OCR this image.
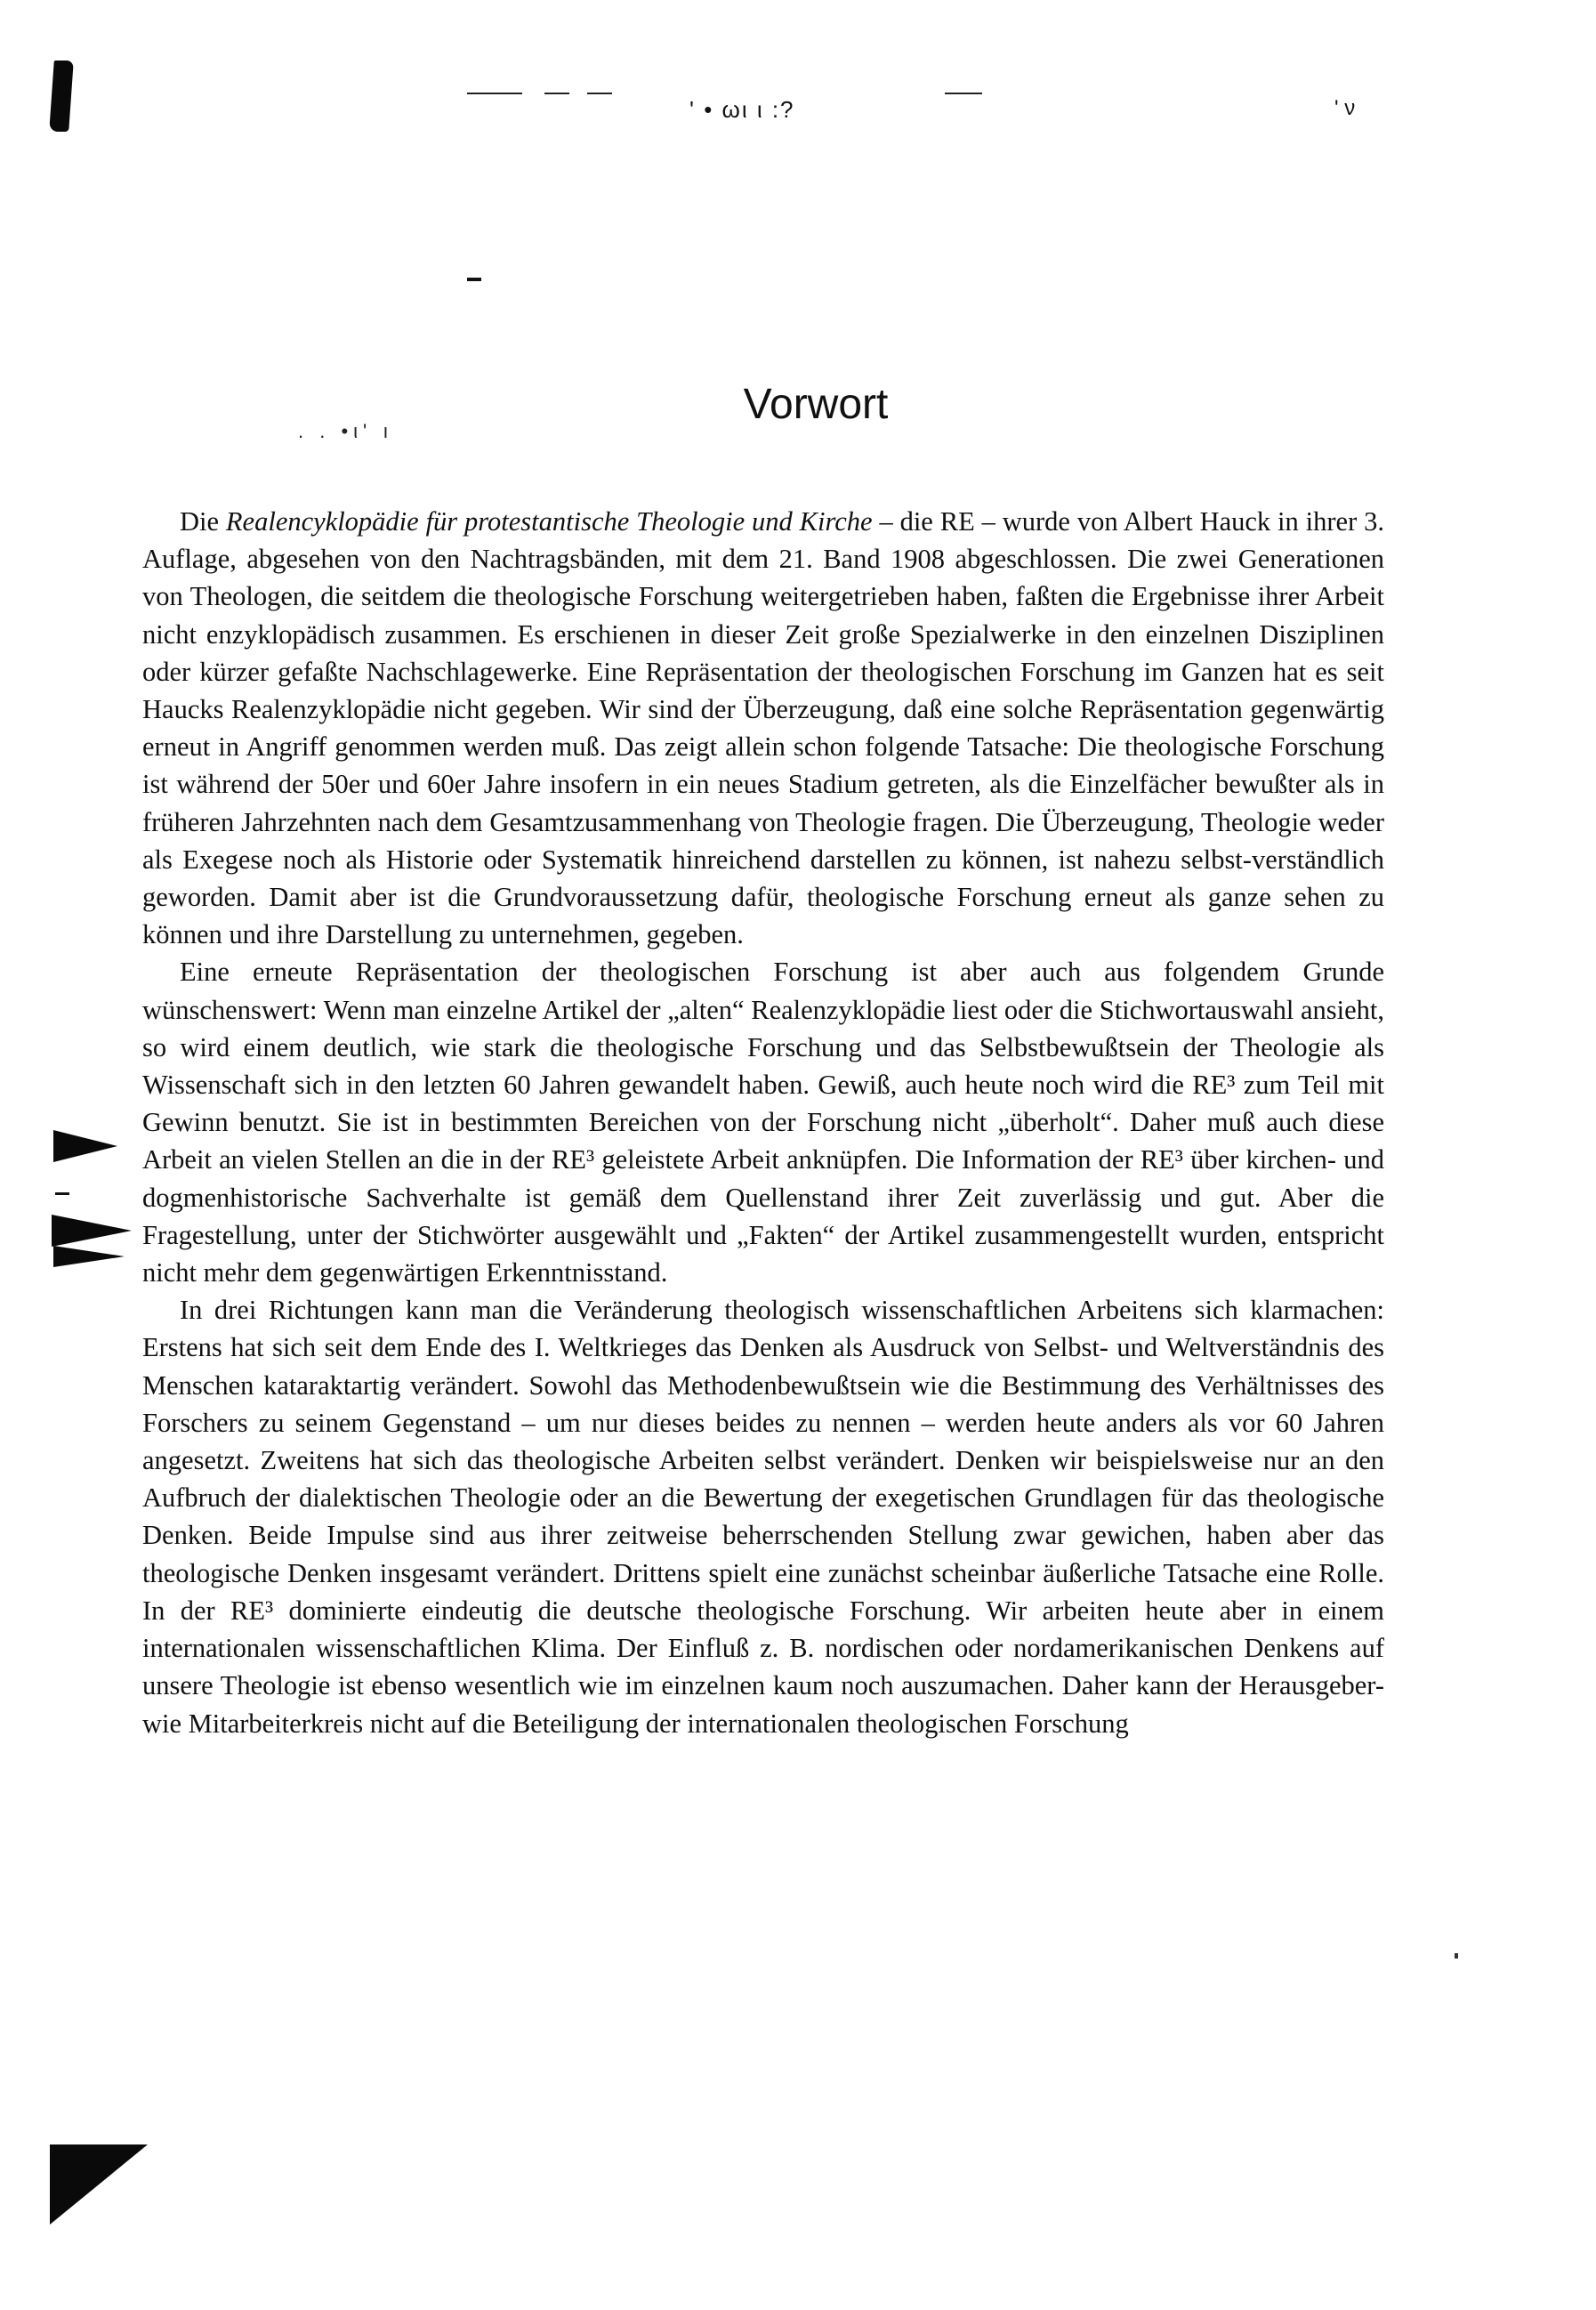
' • ωι ι :?	' ν
Vorwort
. . •ι' ı

Die Realencyklopädie für protestantische Theologie und Kirche – die RE – wurde von Albert Hauck in ihrer 3. Auflage, abgesehen von den Nachtragsbänden, mit dem 21. Band 1908 abgeschlossen. Die zwei Generationen von Theologen, die seitdem die theologische Forschung weitergetrieben haben, faßten die Ergebnisse ihrer Arbeit nicht enzyklopädisch zusammen. Es erschienen in dieser Zeit große Spezialwerke in den einzelnen Disziplinen oder kürzer gefaßte Nachschlagewerke. Eine Repräsentation der theologischen Forschung im Ganzen hat es seit Haucks Realenzyklopädie nicht gegeben. Wir sind der Überzeugung, daß eine solche Repräsentation gegenwärtig erneut in Angriff genommen werden muß. Das zeigt allein schon folgende Tatsache: Die theologische Forschung ist während der 50er und 60er Jahre insofern in ein neues Stadium getreten, als die Einzelfächer bewußter als in früheren Jahrzehnten nach dem Gesamtzusammenhang von Theologie fragen. Die Überzeugung, Theologie weder als Exegese noch als Historie oder Systematik hinreichend darstellen zu können, ist nahezu selbst-verständlich geworden. Damit aber ist die Grundvoraussetzung dafür, theologische Forschung erneut als ganze sehen zu können und ihre Darstellung zu unternehmen, gegeben.

Eine erneute Repräsentation der theologischen Forschung ist aber auch aus folgendem Grunde wünschenswert: Wenn man einzelne Artikel der „alten“ Realenzyklopädie liest oder die Stichwortauswahl ansieht, so wird einem deutlich, wie stark die theologische Forschung und das Selbstbewußtsein der Theologie als Wissenschaft sich in den letzten 60 Jahren gewandelt haben. Gewiß, auch heute noch wird die RE³ zum Teil mit Gewinn benutzt. Sie ist in bestimmten Bereichen von der Forschung nicht „überholt“. Daher muß auch diese Arbeit an vielen Stellen an die in der RE³ geleistete Arbeit anknüpfen. Die Information der RE³ über kirchen- und dogmenhistorische Sachverhalte ist gemäß dem Quellenstand ihrer Zeit zuverlässig und gut. Aber die Fragestellung, unter der Stichwörter ausgewählt und „Fakten“ der Artikel zusammengestellt wurden, entspricht nicht mehr dem gegenwärtigen Erkenntnisstand.

In drei Richtungen kann man die Veränderung theologisch wissenschaftlichen Arbeitens sich klarmachen: Erstens hat sich seit dem Ende des I. Weltkrieges das Denken als Ausdruck von Selbst- und Weltverständnis des Menschen kataraktartig verändert. Sowohl das Methodenbewußtsein wie die Bestimmung des Verhältnisses des Forschers zu seinem Gegenstand – um nur dieses beides zu nennen – werden heute anders als vor 60 Jahren angesetzt. Zweitens hat sich das theologische Arbeiten selbst verändert. Denken wir beispielsweise nur an den Aufbruch der dialektischen Theologie oder an die Bewertung der exegetischen Grundlagen für das theologische Denken. Beide Impulse sind aus ihrer zeitweise beherrschenden Stellung zwar gewichen, haben aber das theologische Denken insgesamt verändert. Drittens spielt eine zunächst scheinbar äußerliche Tatsache eine Rolle. In der RE³ dominierte eindeutig die deutsche theologische Forschung. Wir arbeiten heute aber in einem internationalen wissenschaftlichen Klima. Der Einfluß z. B. nordischen oder nordamerikanischen Denkens auf unsere Theologie ist ebenso wesentlich wie im einzelnen kaum noch auszumachen. Daher kann der Herausgeber- wie Mitarbeiterkreis nicht auf die Beteiligung der internationalen theologischen Forschung
